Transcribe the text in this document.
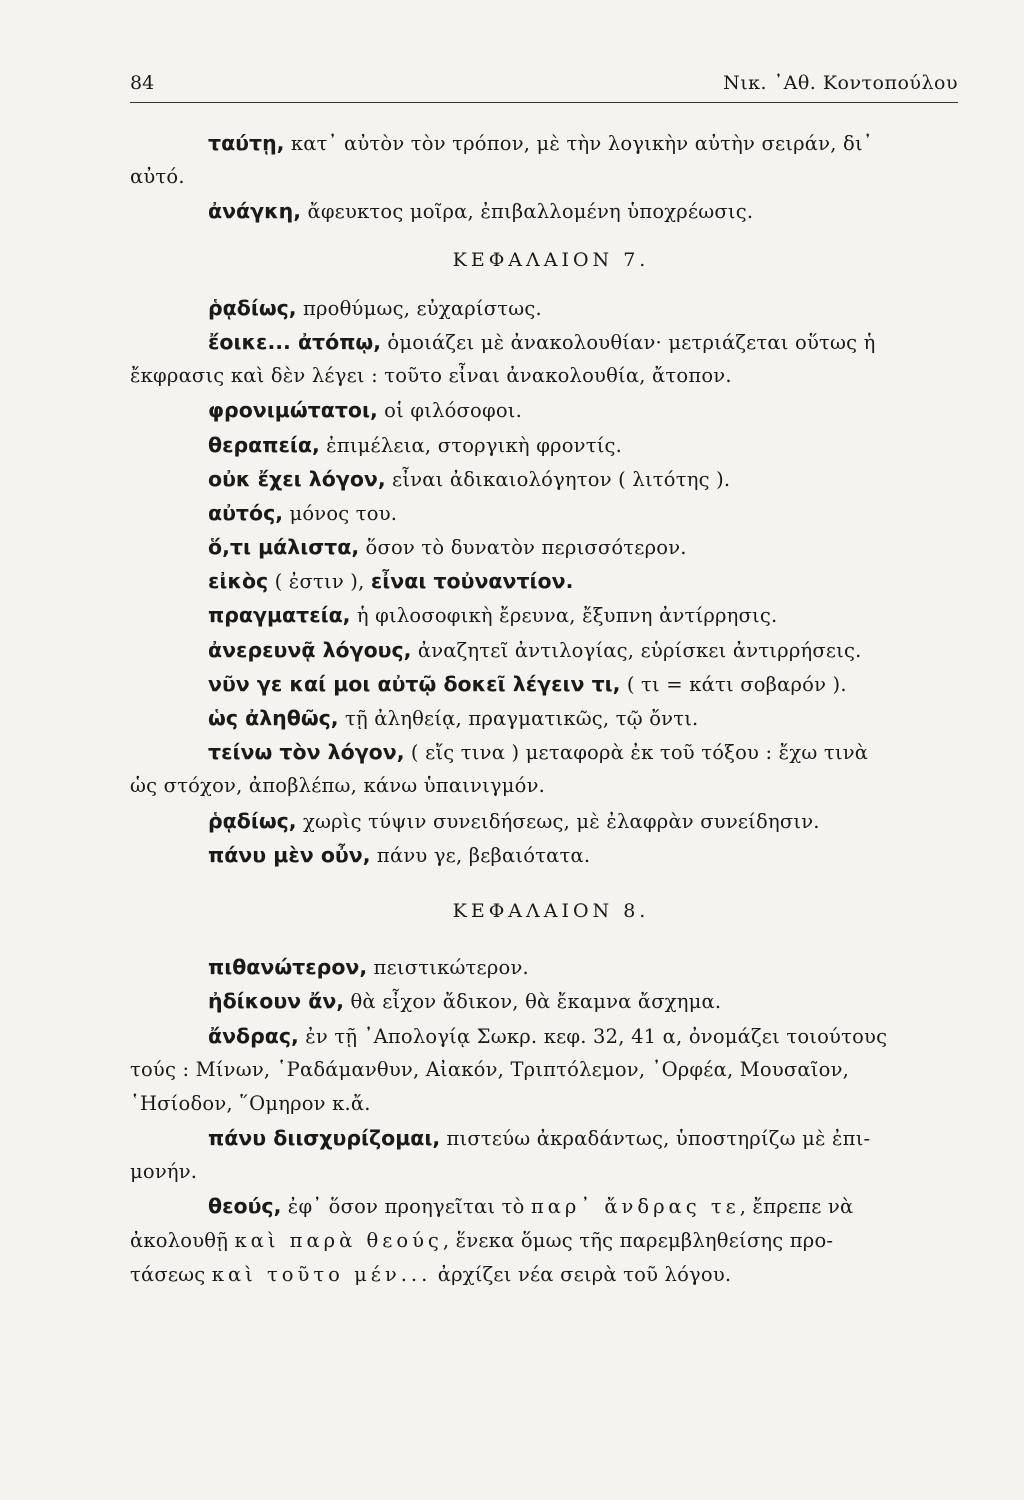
84	Νικ. ᾿Αθ. Κοντοπούλου
ταύτῃ, κατ᾿ αὐτὸν τὸν τρόπον, μὲ τὴν λογικὴν αὐτὴν σειράν, δι᾿
αὐτό.
ἀνάγκη, ἄφευκτος μοῖρα, ἐπιβαλλομένη ὑποχρέωσις.
ΚΕΦΑΛΑΙΟΝ 7.
ῥᾳδίως, προθύμως, εὐχαρίστως.
ἔοικε... ἀτόπῳ, ὁμοιάζει μὲ ἀνακολουθίαν· μετριάζεται οὕτως ἡ
ἔκφρασις καὶ δὲν λέγει : τοῦτο εἶναι ἀνακολουθία, ἄτοπον.
φρονιμώτατοι, οἱ φιλόσοφοι.
θεραπεία, ἐπιμέλεια, στοργικὴ φροντίς.
οὐκ ἔχει λόγον, εἶναι ἀδικαιολόγητον ( λιτότης ).
αὐτός, μόνος του.
ὅ,τι μάλιστα, ὅσον τὸ δυνατὸν περισσότερον.
εἰκὸς ( ἐστιν ), εἶναι τοὐναντίον.
πραγματεία, ἡ φιλοσοφικὴ ἔρευνα, ἔξυπνη ἀντίρρησις.
ἀνερευνᾷ λόγους, ἀναζητεῖ ἀντιλογίας, εὑρίσκει ἀντιρρήσεις.
νῦν γε καί μοι αὐτῷ δοκεῖ λέγειν τι, ( τι = κάτι σοβαρόν ).
ὡς ἀληθῶς, τῇ ἀληθείᾳ, πραγματικῶς, τῷ ὄντι.
τείνω τὸν λόγον, ( εἴς τινα ) μεταφορὰ ἐκ τοῦ τόξου : ἔχω τινὰ
ὡς στόχον, ἀποβλέπω, κάνω ὑπαινιγμόν.
ῥᾳδίως, χωρὶς τύψιν συνειδήσεως, μὲ ἐλαφρὰν συνείδησιν.
πάνυ μὲν οὖν, πάνυ γε, βεβαιότατα.
ΚΕΦΑΛΑΙΟΝ 8.
πιθανώτερον, πειστικώτερον.
ἠδίκουν ἄν, θὰ εἶχον ἄδικον, θὰ ἔκαμνα ἄσχημα.
ἄνδρας, ἐν τῇ ᾿Απολογίᾳ Σωκρ. κεφ. 32, 41 α, ὀνομάζει τοιούτους
τούς : Μίνων, ῾Ραδάμανθυν, Αἰακόν, Τριπτόλεμον, ᾿Ορφέα, Μουσαῖον,
῾Ησίοδον, ῞Ομηρον κ.ἄ.
πάνυ διισχυρίζομαι, πιστεύω ἀκραδάντως, ὑποστηρίζω μὲ ἐπι-
μονήν.
θεούς, ἐφ᾿ ὅσον προηγεῖται τὸ παρ᾿ ἄνδρας τε, ἔπρεπε νὰ
ἀκολουθῇ καὶ παρὰ θεούς, ἕνεκα ὅμως τῆς παρεμβληθείσης προ-
τάσεως καὶ τοῦτο μέν... ἀρχίζει νέα σειρὰ τοῦ λόγου.
